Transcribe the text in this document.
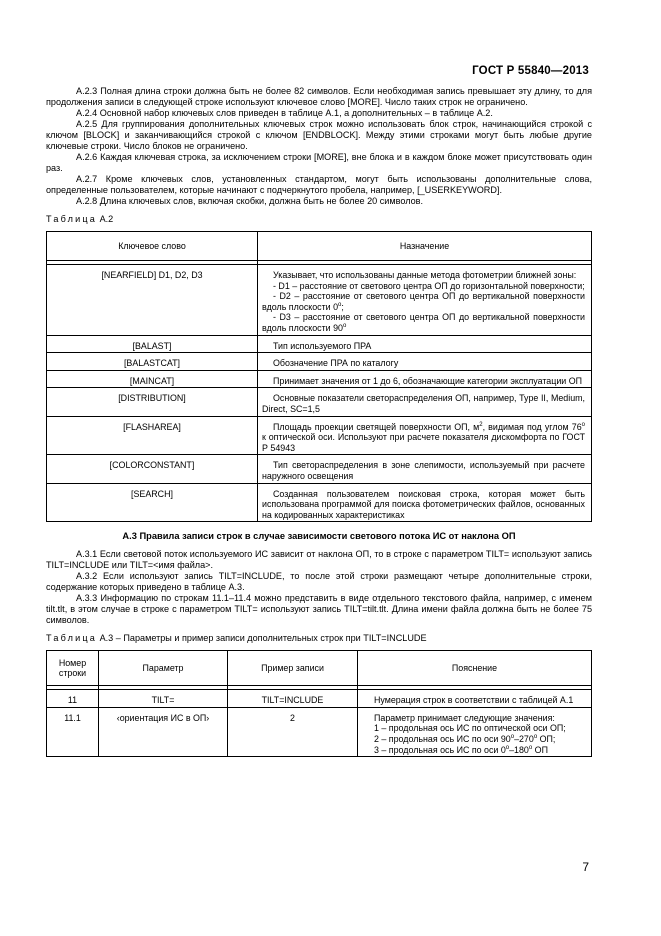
ГОСТ Р 55840—2013

А.2.3 Полная длина строки должна быть не более 82 символов. Если необходимая запись превышает эту длину, то для продолжения записи в следующей строке используют ключевое слово [MORE]. Число таких строк не ограничено.

А.2.4 Основной набор ключевых слов приведен в таблице А.1, а дополнительных – в таблице А.2.

А.2.5 Для группирования дополнительных ключевых строк можно использовать блок строк, начинающийся строкой с ключом [BLOCK] и заканчивающийся строкой с ключом [ENDBLOCK]. Между этими строками могут быть любые другие ключевые строки. Число блоков не ограничено.

А.2.6 Каждая ключевая строка, за исключением строки [MORE], вне блока и в каждом блоке может присутствовать один раз.

А.2.7 Кроме ключевых слов, установленных стандартом, могут быть использованы дополнительные слова, определенные пользователем, которые начинают с подчеркнутого пробела, например, [_USERKEYWORD].

А.2.8 Длина ключевых слов, включая скобки, должна быть не более 20 символов.

Таблица А.2
Ключевое слово	Назначение

[NEARFIELD] D1, D2, D3	Указывает, что использованы данные метода фотометрии ближней зоны:

- D1 – расстояние от светового центра ОП до горизонтальной поверхности;

- D2 – расстояние от светового центра ОП до вертикальной поверхности вдоль плоскости 0$^o$;

- D3 – расстояние от светового центра ОП до вертикальной поверхности вдоль плоскости 90$^o$

[BALAST]	Тип используемого ПРА

[BALASTCAT]	Обозначение ПРА по каталогу

[MAINCAT]	Принимает значения от 1 до 6, обозначающие категории эксплуатации ОП

[DISTRIBUTION]	Основные показатели светораспределения ОП, например, Type II, Medium, Direct, SC=1,5

[FLASHAREA]	Площадь проекции светящей поверхности ОП, $м^2$, видимая под углом 76$^o$ к оптической оси. Используют при расчете показателя дискомфорта по ГОСТ Р 54943

[COLORCONSTANT]	Тип светораспределения в зоне слепимости, используемый при расчете наружного освещения

[SEARCH]	Созданная пользователем поисковая строка, которая может быть использована программой для поиска фотометрических файлов, основанных на кодированных характеристиках

А.3 Правила записи строк в случае зависимости светового потока ИС от наклона ОП

А.3.1 Если световой поток используемого ИС зависит от наклона ОП, то в строке с параметром TILT= используют запись TILT=INCLUDE или TILT=<имя файла>.

А.3.2 Если используют запись TILT=INCLUDE, то после этой строки размещают четыре дополнительные строки, содержание которых приведено в таблице А.3.

А.3.3 Информацию по строкам 11.1–11.4 можно представить в виде отдельного текстового файла, например, с именем tilt.tlt, в этом случае в строке с параметром TILT= используют запись TILT=tilt.tlt. Длина имени файла должна быть не более 75 символов.

Таблица А.3 – Параметры и пример записи дополнительных строк при TILT=INCLUDE
Номер строки	Параметр	Пример записи	Пояснение

11	TILT=	TILT=INCLUDE	Нумерация строк в соответствии с таблицей А.1

11.1	‹ориентация ИС в ОП›	2	Параметр принимает следующие значения:

1 – продольная ось ИС по оптической оси ОП;

2 – продольная ось ИС по оси 90$^o$–270$^o$ ОП;

3 – продольная ось ИС по оси 0$^o$–180$^o$ ОП

7
